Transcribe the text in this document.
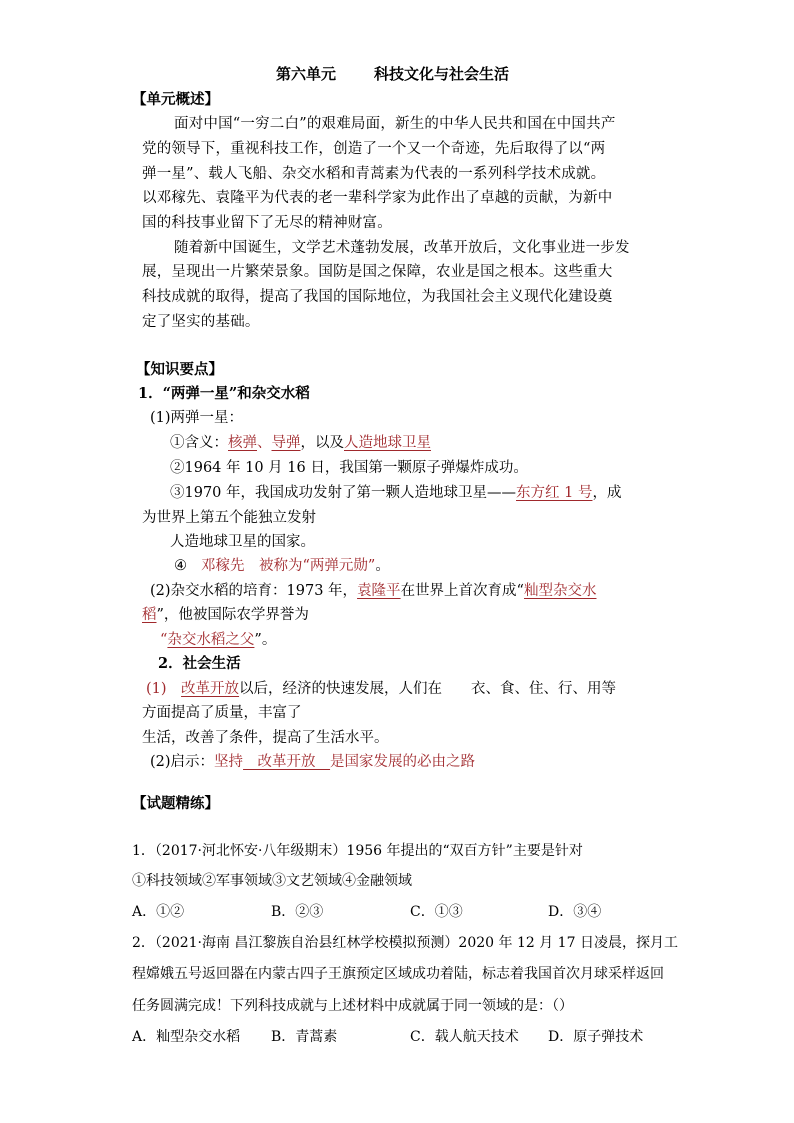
第六单元	科技文化与社会生活
【单元概述】
面对中国“一穷二白”的艰难局面，新生的中华人民共和国在中国共产
党的领导下，重视科技工作，创造了一个又一个奇迹，先后取得了以“两
弹一星”、载人飞船、杂交水稻和青蒿素为代表的一系列科学技术成就。
以邓稼先、袁隆平为代表的老一辈科学家为此作出了卓越的贡献，为新中
国的科技事业留下了无尽的精神财富。
随着新中国诞生，文学艺术蓬勃发展，改革开放后，文化事业进一步发
展，呈现出一片繁荣景象。国防是国之保障，农业是国之根本。这些重大
科技成就的取得，提高了我国的国际地位，为我国社会主义现代化建设奠
定了坚实的基础。
【知识要点】
1．“两弹一星”和杂交水稻
(1)两弹一星：
①含义：核弹、导弹，以及人造地球卫星
②1964 年 10 月 16 日，我国第一颗原子弹爆炸成功。
③1970 年，我国成功发射了第一颗人造地球卫星——东方红 1 号，成
为世界上第五个能独立发射
人造地球卫星的国家。
④ 邓稼先　被称为“两弹元勋”。
(2)杂交水稻的培育：1973 年，袁隆平在世界上首次育成“籼型杂交水
稻”，他被国际农学界誉为
“杂交水稻之父”。
2．社会生活
(1)　改革开放以后，经济的快速发展，人们在　　衣、食、住、行、用等
方面提高了质量，丰富了
生活，改善了条件，提高了生活水平。
(2)启示：坚持　改革开放　是国家发展的必由之路
【试题精练】
1．（2017·河北怀安·八年级期末）1956 年提出的“双百方针”主要是针对
①科技领域②军事领域③文艺领域④金融领域
A．①②	B．②③	C．①③	D．③④
2．（2021·海南 昌江黎族自治县红林学校模拟预测）2020 年 12 月 17 日凌晨，探月工
程嫦娥五号返回器在内蒙古四子王旗预定区域成功着陆，标志着我国首次月球采样返回
任务圆满完成！下列科技成就与上述材料中成就属于同一领域的是：（）
A．籼型杂交水稻 B．青蒿素	C．载人航天技术 D．原子弹技术
